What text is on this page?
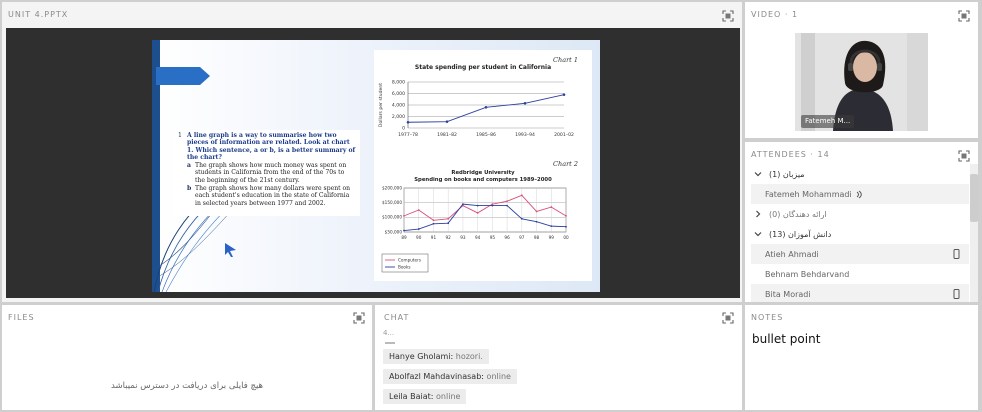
UNIT 4.PPTX
1 A line graph is a way to summarise how two pieces of information are related. Look at chart 1. Which sentence, a or b, is a better summary of the chart?
a The graph shows how much money was spent on students in California from the end of the 70s to the beginning of the 21st century.
b The graph shows how many dollars were spent on each student's education in the state of California in selected years between 1977 and 2002.
Chart 1
State spending per student in California
Dollars per student 8,000
6,000
4,000
2,000
0
1977–78	1981–82	1985–86	1993–94	2001–02
Chart 2
Redbridge University
Spending on books and computers 1989–2000
$200,000
$150,000
$100,000
$50,000
89 90 91 92 93 94 95 96 97 98 99 00
Computers
Books
VIDEO · 1
Fatemeh M...
ATTENDEES · 14
میزبان (1)
Fatemeh Mohammadi
ارائه دهندگان (0)
دانش آموزان (13)
Atieh Ahmadi
Behnam Behdarvand
Bita Moradi
FILES
هیچ فایلی برای دریافت در دسترس نمیباشد
CHAT
4...
Hanye Gholami: hozori.
Abolfazl Mahdavinasab: online
Leila Baiat: online
NOTES
bullet point
